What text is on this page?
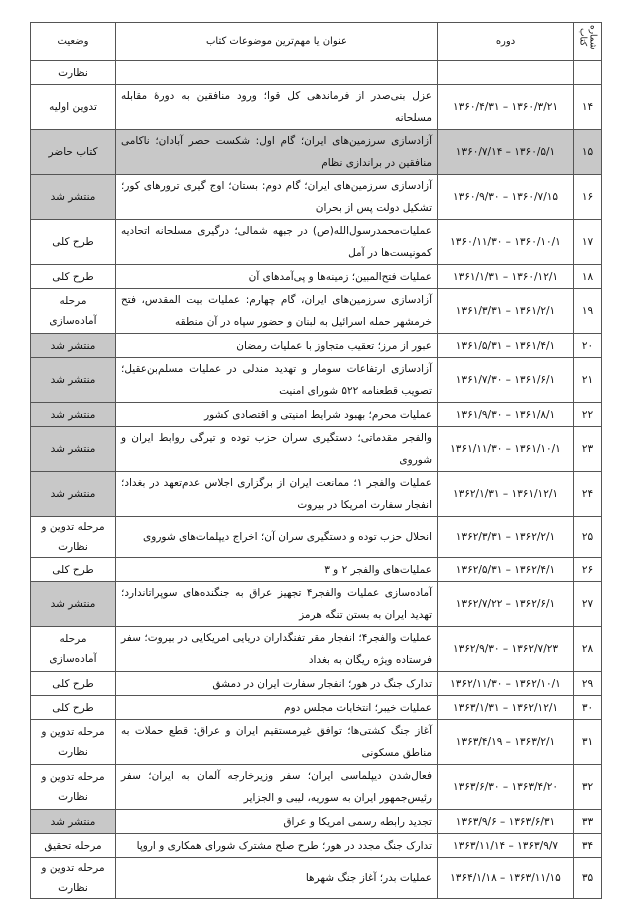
شماره کتاب	دوره	عنوان یا مهم‌ترین موضوعات کتاب	وضعیت
			نظارت
۱۴	۱۳۶۰/۴/۳۱ – ۱۳۶۰/۳/۲۱	عزل بنی‌صدر از فرماندهی کل قوا؛ ورود منافقین به دورهٔ مقابله مسلحانه	تدوین اولیه
۱۵	۱۳۶۰/۷/۱۴ – ۱۳۶۰/۵/۱	آزادسازی سرزمین‌های ایران؛ گام اول: شکست حصر آبادان؛ ناکامی منافقین در براندازی نظام	کتاب حاضر
۱۶	۱۳۶۰/۹/۳۰ – ۱۳۶۰/۷/۱۵	آزادسازی سرزمین‌های ایران؛ گام دوم: بستان؛ اوج گیری ترورهای کور؛ تشکیل دولت پس از بحران	منتشر شد
۱۷	۱۳۶۰/۱۱/۳۰ – ۱۳۶۰/۱۰/۱	عملیات‌محمدرسول‌الله(ص) در جبهه شمالی؛ درگیری مسلحانه اتحادیه کمونیست‌ها در آمل	طرح کلی
۱۸	۱۳۶۱/۱/۳۱ – ۱۳۶۰/۱۲/۱	عملیات فتح‌المبین؛ زمینه‌ها و پی‌آمدهای آن	طرح کلی
۱۹	۱۳۶۱/۳/۳۱ – ۱۳۶۱/۲/۱	آزادسازی سرزمین‌های ایران، گام چهارم: عملیات بیت المقدس، فتح خرمشهر حمله اسرائیل به لبنان و حضور سپاه در آن منطقه	مرحله آماده‌سازی
۲۰	۱۳۶۱/۵/۳۱ – ۱۳۶۱/۴/۱	عبور از مرز؛ تعقیب متجاوز با عملیات رمضان	منتشر شد
۲۱	۱۳۶۱/۷/۳۰ – ۱۳۶۱/۶/۱	آزادسازی ارتفاعات سومار و تهدید مندلی در عملیات مسلم‌بن‌عقیل؛ تصویب قطعنامه ۵۲۲ شورای امنیت	منتشر شد
۲۲	۱۳۶۱/۹/۳۰ – ۱۳۶۱/۸/۱	عملیات محرم؛ بهبود شرایط امنیتی و اقتصادی کشور	منتشر شد
۲۳	۱۳۶۱/۱۱/۳۰ – ۱۳۶۱/۱۰/۱	والفجر مقدماتی؛ دستگیری سران حزب توده و تیرگی روابط ایران و شوروی	منتشر شد
۲۴	۱۳۶۲/۱/۳۱ – ۱۳۶۱/۱۲/۱	عملیات والفجر ۱؛ ممانعت ایران از برگزاری اجلاس عدم‌تعهد در بغداد؛ انفجار سفارت امریکا در بیروت	منتشر شد
۲۵	۱۳۶۲/۳/۳۱ – ۱۳۶۲/۲/۱	انحلال حزب توده و دستگیری سران آن؛ اخراج دیپلمات‌های شوروی	مرحله تدوین و نظارت
۲۶	۱۳۶۲/۵/۳۱ – ۱۳۶۲/۴/۱	عملیات‌های والفجر ۲ و ۳	طرح کلی
۲۷	۱۳۶۲/۷/۲۲ – ۱۳۶۲/۶/۱	آماده‌سازی عملیات والفجر۴ تجهیز عراق به جنگنده‌های سوپراتاندارد؛ تهدید ایران به بستن تنگه هرمز	منتشر شد
۲۸	۱۳۶۲/۹/۳۰ – ۱۳۶۲/۷/۲۳	عملیات والفجر۴؛ انفجار مقر تفنگداران دریایی امریکایی در بیروت؛ سفر فرستاده ویژه ریگان به بغداد	مرحله آماده‌سازی
۲۹	۱۳۶۲/۱۱/۳۰ – ۱۳۶۲/۱۰/۱	تدارک جنگ در هور؛ انفجار سفارت ایران در دمشق	طرح کلی
۳۰	۱۳۶۳/۱/۳۱ – ۱۳۶۲/۱۲/۱	عملیات خیبر؛ انتخابات مجلس دوم	طرح کلی
۳۱	۱۳۶۳/۴/۱۹ – ۱۳۶۳/۲/۱	آغاز جنگ کشتی‌ها؛ توافق غیرمستقیم ایران و عراق: قطع حملات به مناطق مسکونی	مرحله تدوین و نظارت
۳۲	۱۳۶۳/۶/۳۰ – ۱۳۶۳/۴/۲۰	فعال‌شدن دیپلماسی ایران؛ سفر وزیرخارجه آلمان به ایران؛ سفر رئیس‌جمهور ایران به سوریه، لیبی و الجزایر	مرحله تدوین و نظارت
۳۳	۱۳۶۳/۹/۶ – ۱۳۶۳/۶/۳۱	تجدید رابطه رسمی امریکا و عراق	منتشر شد
۳۴	۱۳۶۳/۱۱/۱۴ – ۱۳۶۳/۹/۷	تدارک جنگ مجدد در هور؛ طرح صلح مشترک شورای همکاری و اروپا	مرحله تحقیق
۳۵	۱۳۶۴/۱/۱۸ – ۱۳۶۳/۱۱/۱۵	عملیات بدر؛ آغاز جنگ شهرها	مرحله تدوین و نظارت
